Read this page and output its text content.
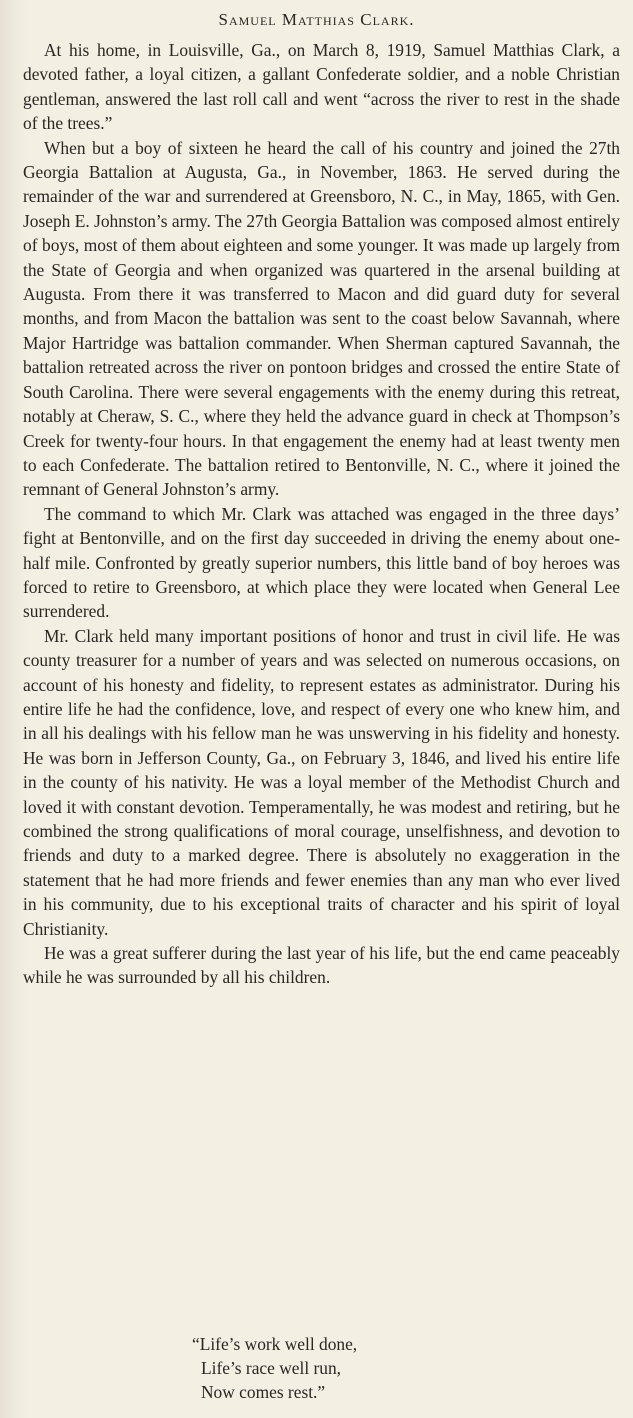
Samuel Matthias Clark.

At his home, in Louisville, Ga., on March 8, 1919, Samuel Matthias Clark, a devoted father, a loyal citizen, a gallant Confederate soldier, and a noble Christian gentleman, answered the last roll call and went “across the river to rest in the shade of the trees.”

When but a boy of sixteen he heard the call of his country and joined the 27th Georgia Battalion at Augusta, Ga., in November, 1863. He served during the remainder of the war and surrendered at Greensboro, N. C., in May, 1865, with Gen. Joseph E. Johnston’s army. The 27th Georgia Battalion was composed almost entirely of boys, most of them about eighteen and some younger. It was made up largely from the State of Georgia and when organized was quartered in the arsenal building at Augusta. From there it was transferred to Macon and did guard duty for several months, and from Macon the battalion was sent to the coast below Savannah, where Major Hartridge was battalion commander. When Sherman captured Savannah, the battalion retreated across the river on pontoon bridges and crossed the entire State of South Carolina. There were several engagements with the enemy during this retreat, notably at Cheraw, S. C., where they held the advance guard in check at Thompson’s Creek for twenty-four hours. In that engagement the enemy had at least twenty men to each Confederate. The battalion retired to Bentonville, N. C., where it joined the remnant of General Johnston’s army.

The command to which Mr. Clark was attached was engaged in the three days’ fight at Bentonville, and on the first day succeeded in driving the enemy about one-half mile. Confronted by greatly superior numbers, this little band of boy heroes was forced to retire to Greensboro, at which place they were located when General Lee surrendered.

Mr. Clark held many important positions of honor and trust in civil life. He was county treasurer for a number of years and was selected on numerous occasions, on account of his honesty and fidelity, to represent estates as administrator. During his entire life he had the confidence, love, and respect of every one who knew him, and in all his dealings with his fellow man he was unswerving in his fidelity and honesty. He was born in Jefferson County, Ga., on February 3, 1846, and lived his entire life in the county of his nativity. He was a loyal member of the Methodist Church and loved it with constant devotion. Temperamentally, he was modest and retiring, but he combined the strong qualifications of moral courage, unselfishness, and devotion to friends and duty to a marked degree. There is absolutely no exaggeration in the statement that he had more friends and fewer enemies than any man who ever lived in his community, due to his exceptional traits of character and his spirit of loyal Christianity.

He was a great sufferer during the last year of his life, but the end came peaceably while he was surrounded by all his children.

“Life’s work well done,
Life’s race well run,
Now comes rest.”
